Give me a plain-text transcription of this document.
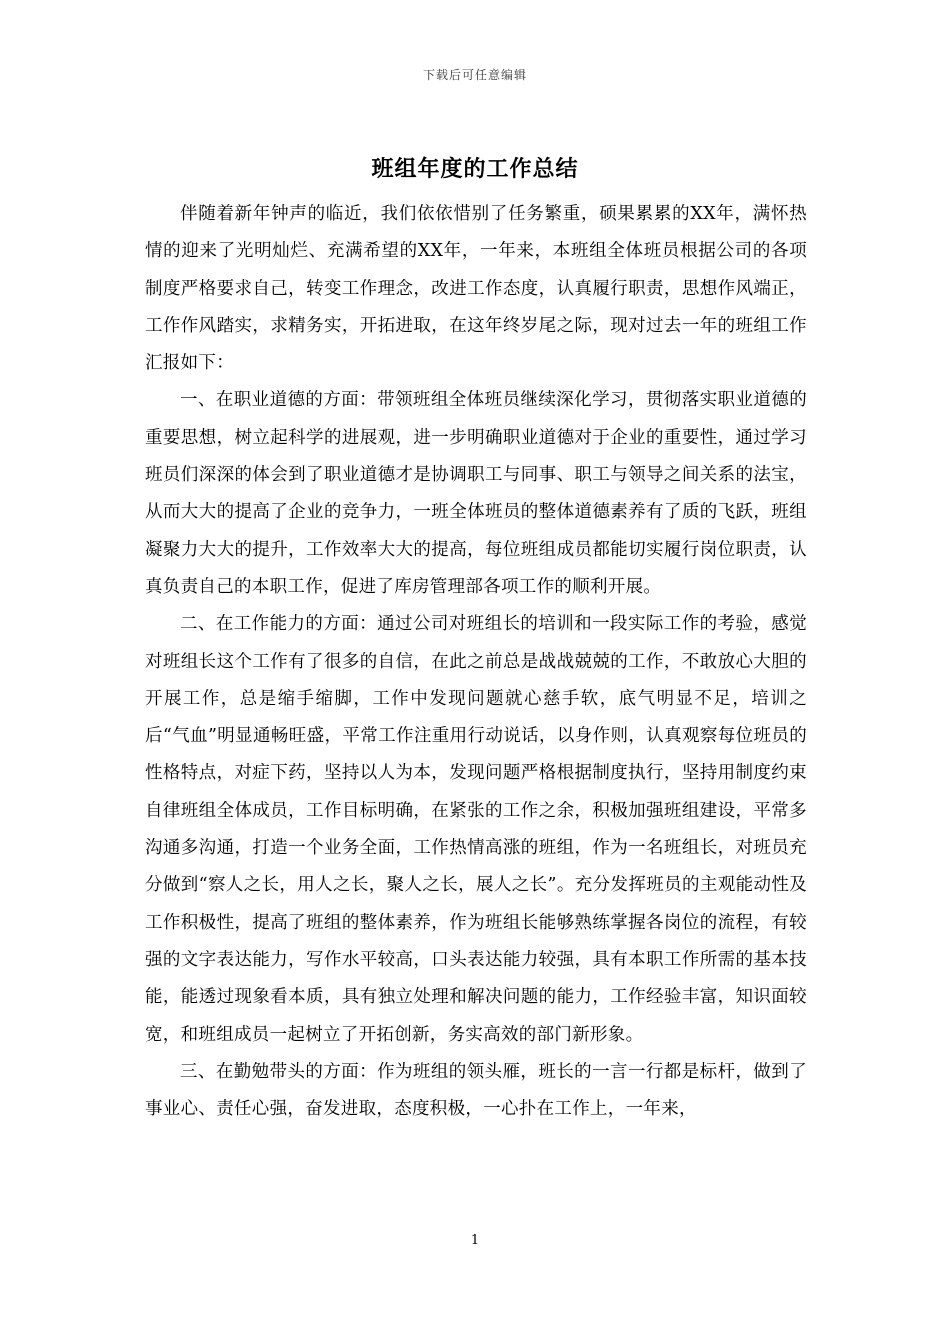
下载后可任意编辑
班组年度的工作总结

伴随着新年钟声的临近，我们依依惜别了任务繁重，硕果累累的XX年，满怀热情的迎来了光明灿烂、充满希望的XX年，一年来，本班组全体班员根据公司的各项制度严格要求自己，转变工作理念，改进工作态度，认真履行职责，思想作风端正，工作作风踏实，求精务实，开拓进取，在这年终岁尾之际，现对过去一年的班组工作汇报如下：

一、在职业道德的方面：带领班组全体班员继续深化学习，贯彻落实职业道德的重要思想，树立起科学的进展观，进一步明确职业道德对于企业的重要性，通过学习班员们深深的体会到了职业道德才是协调职工与同事、职工与领导之间关系的法宝，从而大大的提高了企业的竞争力，一班全体班员的整体道德素养有了质的飞跃，班组凝聚力大大的提升，工作效率大大的提高，每位班组成员都能切实履行岗位职责，认真负责自己的本职工作，促进了库房管理部各项工作的顺利开展。

二、在工作能力的方面：通过公司对班组长的培训和一段实际工作的考验，感觉对班组长这个工作有了很多的自信，在此之前总是战战兢兢的工作，不敢放心大胆的开展工作，总是缩手缩脚，工作中发现问题就心慈手软，底气明显不足，培训之后“气血”明显通畅旺盛，平常工作注重用行动说话，以身作则，认真观察每位班员的性格特点，对症下药，坚持以人为本，发现问题严格根据制度执行，坚持用制度约束自律班组全体成员，工作目标明确，在紧张的工作之余，积极加强班组建设，平常多沟通多沟通，打造一个业务全面，工作热情高涨的班组，作为一名班组长，对班员充分做到“察人之长，用人之长，聚人之长，展人之长”。充分发挥班员的主观能动性及工作积极性，提高了班组的整体素养，作为班组长能够熟练掌握各岗位的流程，有较强的文字表达能力，写作水平较高，口头表达能力较强，具有本职工作所需的基本技能，能透过现象看本质，具有独立处理和解决问题的能力，工作经验丰富，知识面较宽，和班组成员一起树立了开拓创新，务实高效的部门新形象。

三、在勤勉带头的方面：作为班组的领头雁，班长的一言一行都是标杆，做到了事业心、责任心强，奋发进取，态度积极，一心扑在工作上，一年来，

1
